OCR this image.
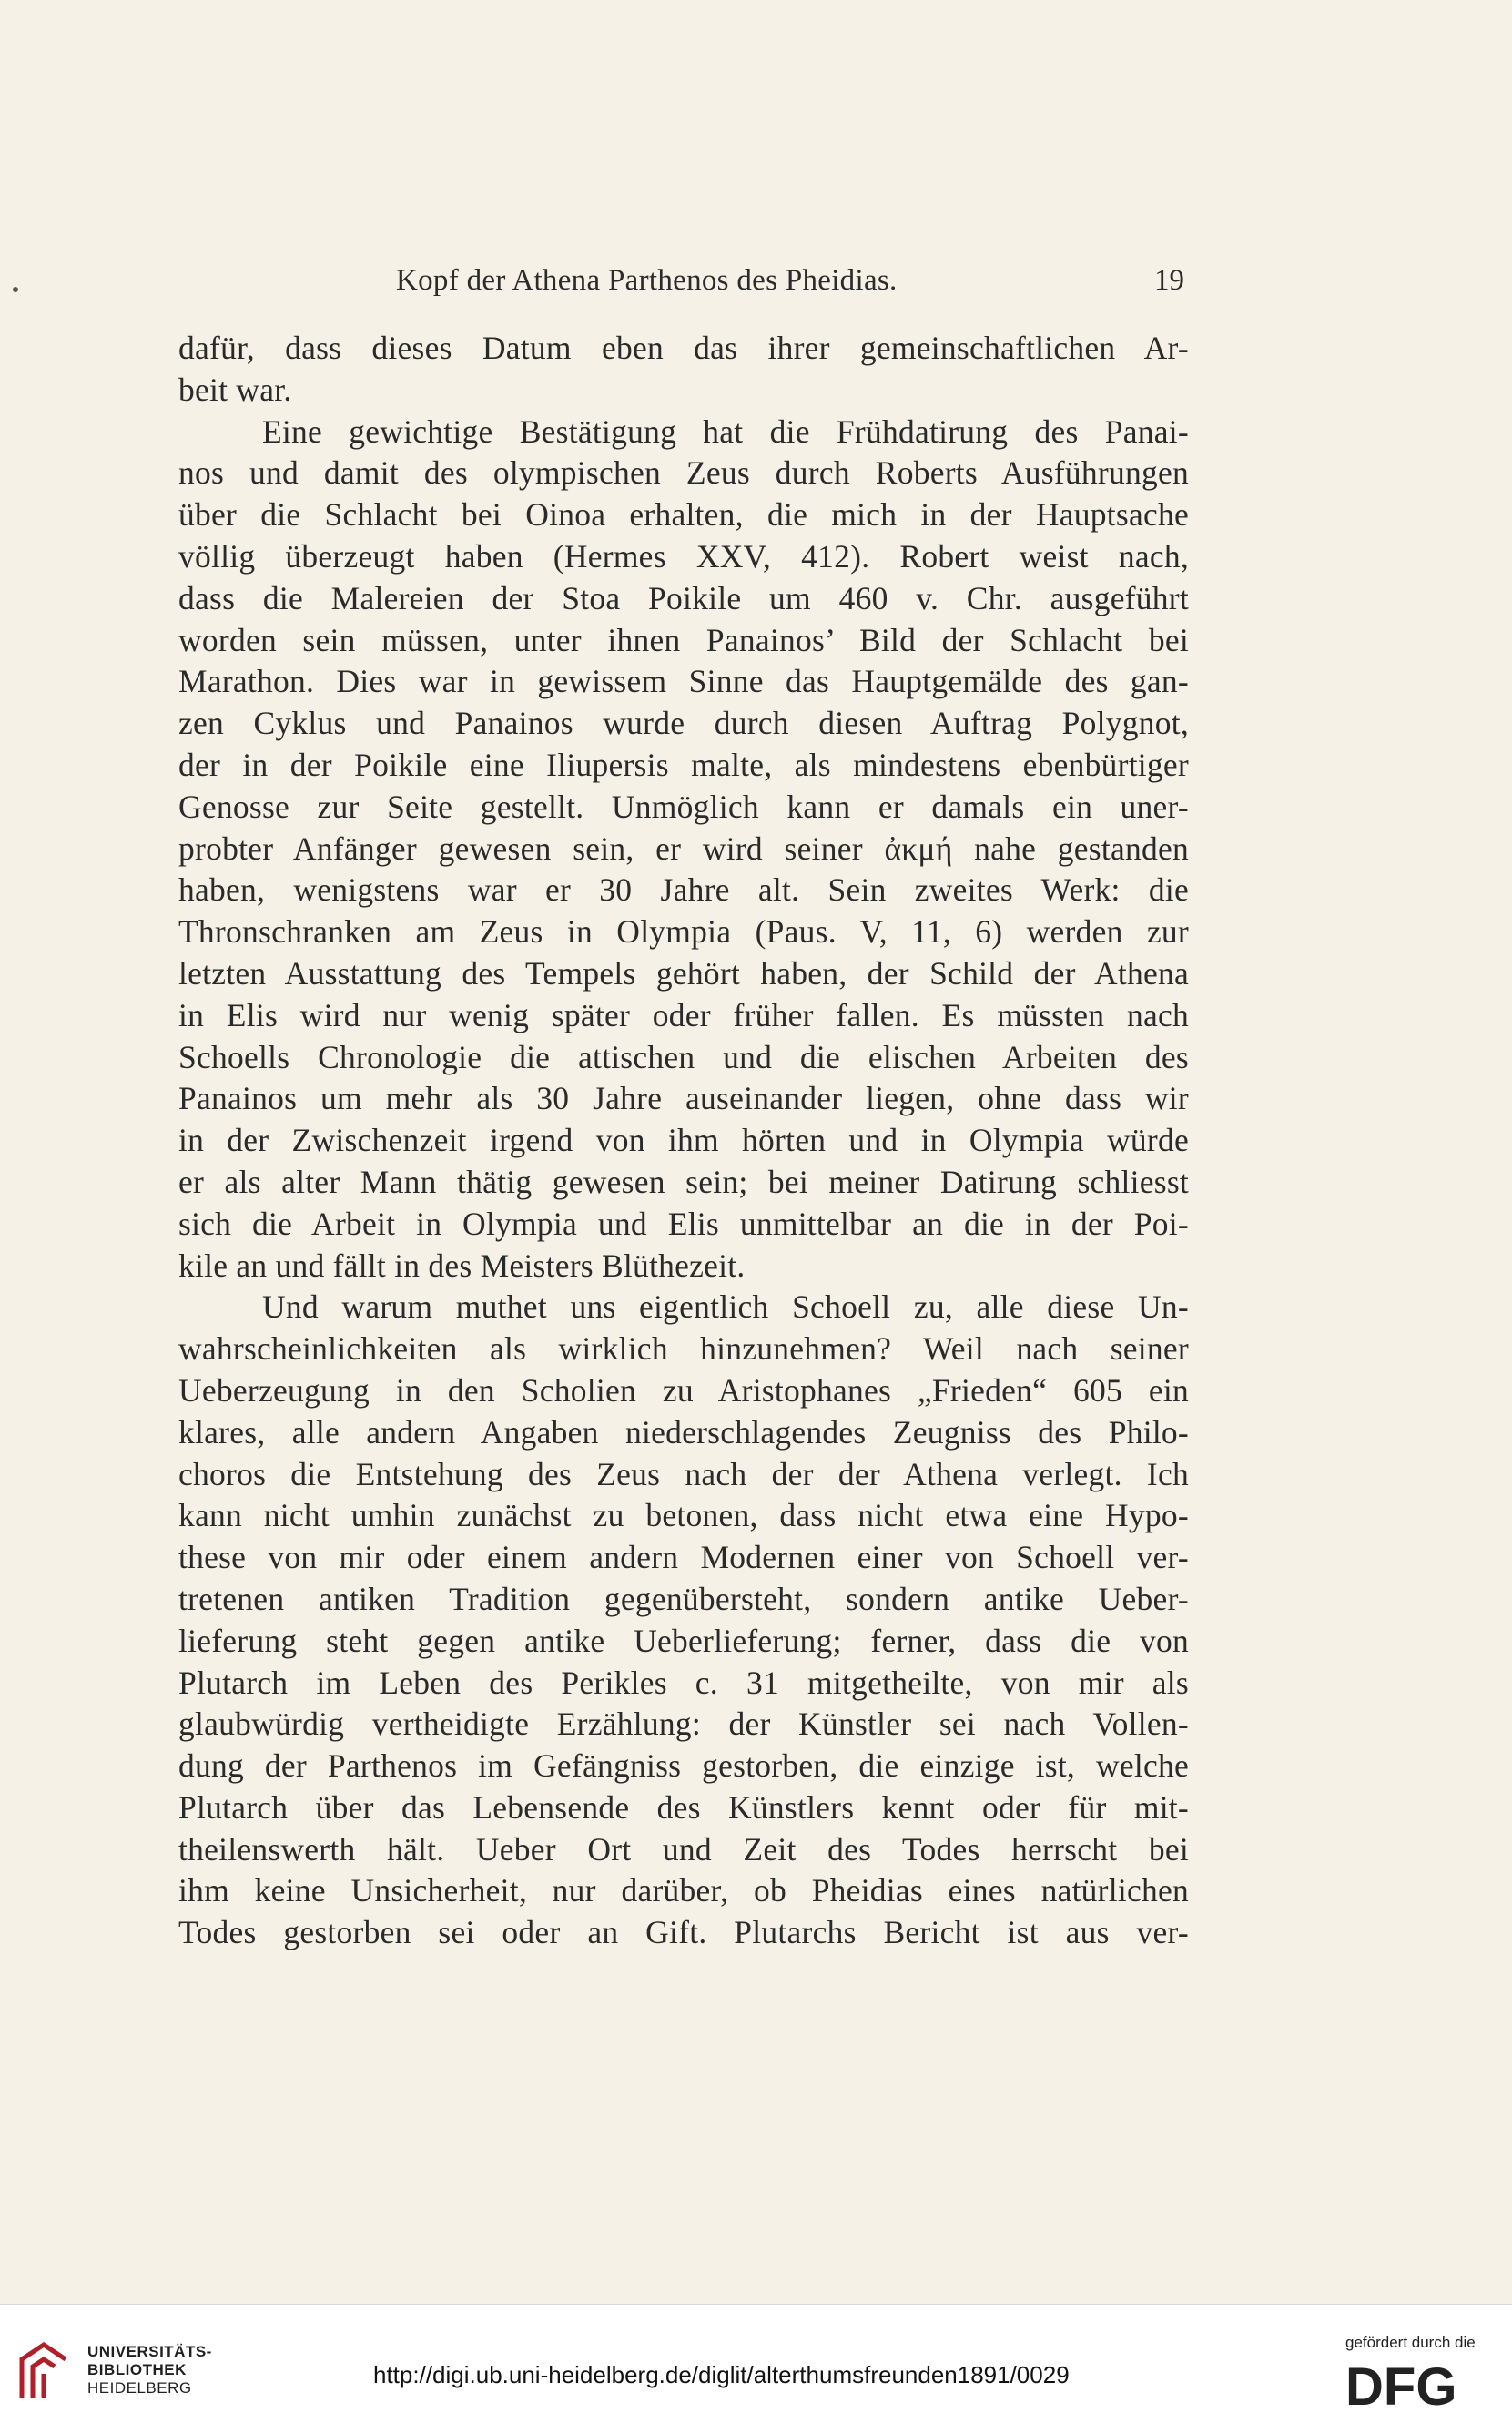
Kopf der Athena Parthenos des Pheidias.	19
dafür, dass dieses Datum eben das ihrer gemeinschaftlichen Ar-
beit war.
Eine gewichtige Bestätigung hat die Frühdatirung des Panai-
nos und damit des olympischen Zeus durch Roberts Ausführungen
über die Schlacht bei Oinoa erhalten, die mich in der Hauptsache
völlig überzeugt haben (Hermes XXV, 412). Robert weist nach,
dass die Malereien der Stoa Poikile um 460 v. Chr. ausgeführt
worden sein müssen, unter ihnen Panainos’ Bild der Schlacht bei
Marathon. Dies war in gewissem Sinne das Hauptgemälde des gan-
zen Cyklus und Panainos wurde durch diesen Auftrag Polygnot,
der in der Poikile eine Iliupersis malte, als mindestens ebenbürtiger
Genosse zur Seite gestellt. Unmöglich kann er damals ein uner-
probter Anfänger gewesen sein, er wird seiner ἀκμή nahe gestanden
haben, wenigstens war er 30 Jahre alt. Sein zweites Werk: die
Thronschranken am Zeus in Olympia (Paus. V, 11, 6) werden zur
letzten Ausstattung des Tempels gehört haben, der Schild der Athena
in Elis wird nur wenig später oder früher fallen. Es müssten nach
Schoells Chronologie die attischen und die elischen Arbeiten des
Panainos um mehr als 30 Jahre auseinander liegen, ohne dass wir
in der Zwischenzeit irgend von ihm hörten und in Olympia würde
er als alter Mann thätig gewesen sein; bei meiner Datirung schliesst
sich die Arbeit in Olympia und Elis unmittelbar an die in der Poi-
kile an und fällt in des Meisters Blüthezeit.
Und warum muthet uns eigentlich Schoell zu, alle diese Un-
wahrscheinlichkeiten als wirklich hinzunehmen? Weil nach seiner
Ueberzeugung in den Scholien zu Aristophanes „Frieden“ 605 ein
klares, alle andern Angaben niederschlagendes Zeugniss des Philo-
choros die Entstehung des Zeus nach der der Athena verlegt. Ich
kann nicht umhin zunächst zu betonen, dass nicht etwa eine Hypo-
these von mir oder einem andern Modernen einer von Schoell ver-
tretenen antiken Tradition gegenübersteht, sondern antike Ueber-
lieferung steht gegen antike Ueberlieferung; ferner, dass die von
Plutarch im Leben des Perikles c. 31 mitgetheilte, von mir als
glaubwürdig vertheidigte Erzählung: der Künstler sei nach Vollen-
dung der Parthenos im Gefängniss gestorben, die einzige ist, welche
Plutarch über das Lebensende des Künstlers kennt oder für mit-
theilenswerth hält. Ueber Ort und Zeit des Todes herrscht bei
ihm keine Unsicherheit, nur darüber, ob Pheidias eines natürlichen
Todes gestorben sei oder an Gift. Plutarchs Bericht ist aus ver-
UNIVERSITÄTS-
BIBLIOTHEK
HEIDELBERG	http://digi.ub.uni-heidelberg.de/diglit/alterthumsfreunden1891/0029
gefördert durch die
DFG
